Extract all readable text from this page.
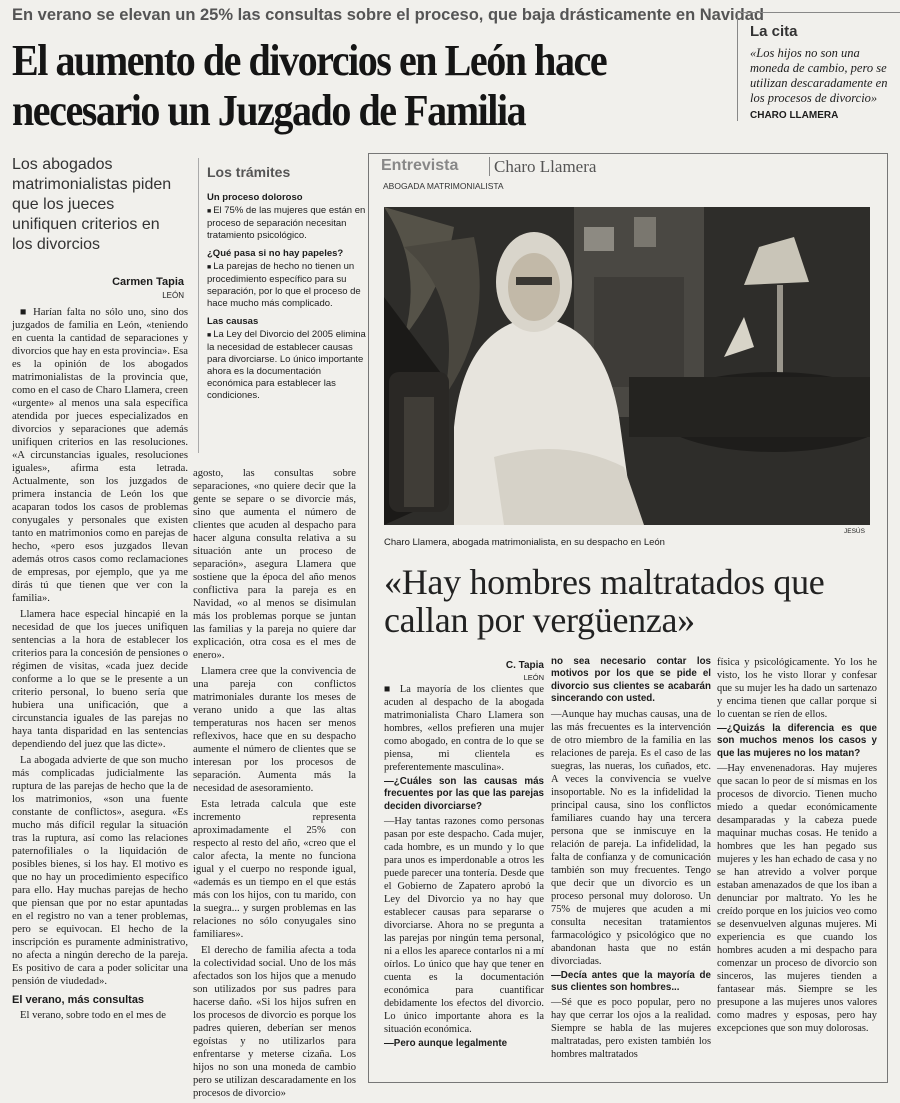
En verano se elevan un 25% las consultas sobre el proceso, que baja drásticamente en Navidad
El aumento de divorcios en León hace necesario un Juzgado de Familia
La cita
«Los hijos no son una moneda de cambio, pero se utilizan descaradamente en los procesos de divorcio»
CHARO LLAMERA
Los abogados matrimonialistas piden que los jueces unifiquen criterios en los divorcios
Carmen Tapia
LEÓN

■ Harían falta no sólo uno, sino dos juzgados de familia en León, «teniendo en cuenta la cantidad de separaciones y divorcios que hay en esta provincia». Esa es la opinión de los abogados matrimonialistas de la provincia que, como en el caso de Charo Llamera, creen «urgente» al menos una sala específica atendida por jueces especializados en divorcios y separaciones que además unifiquen criterios en las resoluciones. «A circunstancias iguales, resoluciones iguales», afirma esta letrada. Actualmente, son los juzgados de primera instancia de León los que acaparan todos los casos de problemas conyugales y personales que existen tanto en matrimonios como en parejas de hecho, «pero esos juzgados llevan además otros casos como reclamaciones de empresas, por ejemplo, que ya me dirás tú que tienen que ver con la familia».

Llamera hace especial hincapié en la necesidad de que los jueces unifiquen sentencias a la hora de establecer los criterios para la concesión de pensiones o régimen de visitas, «cada juez decide conforme a lo que se le presente a un criterio personal, lo bueno sería que hubiera una unificación, que a circunstancia iguales de las parejas no haya tanta disparidad en las sentencias dependiendo del juez que las dicte».

La abogada advierte de que son mucho más complicadas judicialmente las ruptura de las parejas de hecho que la de los matrimonios, «son una fuente constante de conflictos», asegura. «Es mucho más difícil regular la situación tras la ruptura, así como las relaciones paternofiliales o la liquidación de posibles bienes, si los hay. El motivo es que no hay un procedimiento específico para ello. Hay muchas parejas de hecho que piensan que por no estar apuntadas en el registro no van a tener problemas, pero se equivocan. El hecho de la inscripción es puramente administrativo, no afecta a ningún derecho de la pareja. Es positivo de cara a poder solicitar una pensión de viudedad».

El verano, más consultas

El verano, sobre todo en el mes de

Los trámites
Un proceso doloroso

■ El 75% de las mujeres que están en proceso de separación necesitan tratamiento psicológico.

¿Qué pasa si no hay papeles?

■ La parejas de hecho no tienen un procedimiento específico para su separación, por lo que el proceso de hace mucho más complicado.

Las causas

■ La Ley del Divorcio del 2005 elimina la necesidad de establecer causas para divorciarse. Lo único importante ahora es la documentación económica para establecer las condiciones.

agosto, las consultas sobre separaciones, «no quiere decir que la gente se separe o se divorcie más, sino que aumenta el número de clientes que acuden al despacho para hacer alguna consulta relativa a su situación ante un proceso de separación», asegura Llamera que sostiene que la época del año menos conflictiva para la pareja es en Navidad, «o al menos se disimulan más los problemas porque se juntan las familias y la pareja no quiere dar explicación, otra cosa es el mes de enero».

Llamera cree que la convivencia de una pareja con conflictos matrimoniales durante los meses de verano unido a que las altas temperaturas nos hacen ser menos reflexivos, hace que en su despacho aumente el número de clientes que se interesan por los procesos de separación. Aumenta más la necesidad de asesoramiento.

Esta letrada calcula que este incremento representa aproximadamente el 25% con respecto al resto del año, «creo que el calor afecta, la mente no funciona igual y el cuerpo no responde igual, «además es un tiempo en el que estás más con los hijos, con tu marido, con la suegra... y surgen problemas en las relaciones no sólo conyugales sino familiares».

El derecho de familia afecta a toda la colectividad social. Uno de los más afectados son los hijos que a menudo son utilizados por sus padres para hacerse daño. «Si los hijos sufren en los procesos de divorcio es porque los padres quieren, deberían ser menos egoístas y no utilizarlos para enfrentarse y meterse cizaña. Los hijos no son una moneda de cambio pero se utilizan descaradamente en los procesos de divorcio»

Entrevista Charo Llamera
ABOGADA MATRIMONIALISTA
JESÚS
Charo Llamera, abogada matrimonialista, en su despacho en León
«Hay hombres maltratados que callan por vergüenza»
C. Tapia
LEÓN

■ La mayoría de los clientes que acuden al despacho de la abogada matrimonialista Charo Llamera son hombres, «ellos prefieren una mujer como abogado, en contra de lo que se piensa, mi clientela es preferentemente masculina».

—¿Cuáles son las causas más frecuentes por las que las parejas deciden divorciarse?

—Hay tantas razones como personas pasan por este despacho. Cada mujer, cada hombre, es un mundo y lo que para unos es imperdonable a otros les puede parecer una tontería. Desde que el Gobierno de Zapatero aprobó la Ley del Divorcio ya no hay que establecer causas para separarse o divorciarse. Ahora no se pregunta a las parejas por ningún tema personal, ni a ellos les aparece contarlos ni a mí oírlos. Lo único que hay que tener en cuenta es la documentación económica para cuantificar debidamente los efectos del divorcio. Lo único importante ahora es la situación económica.

—Pero aunque legalmente

no sea necesario contar los motivos por los que se pide el divorcio sus clientes se acabarán sincerando con usted.

—Aunque hay muchas causas, una de las más frecuentes es la intervención de otro miembro de la familia en las relaciones de pareja. Es el caso de las suegras, las nueras, los cuñados, etc. A veces la convivencia se vuelve insoportable. No es la infidelidad la principal causa, sino los conflictos familiares cuando hay una tercera persona que se inmiscuye en la relación de pareja. La infidelidad, la falta de confianza y de comunicación también son muy frecuentes. Tengo que decir que un divorcio es un proceso personal muy doloroso. Un 75% de mujeres que acuden a mi consulta necesitan tratamientos farmacológico y psicológico que no abandonan hasta que no están divorciadas.

—Decía antes que la mayoría de sus clientes son hombres...

—Sé que es poco popular, pero no hay que cerrar los ojos a la realidad. Siempre se habla de las mujeres maltratadas, pero existen también los hombres maltratados

física y psicológicamente. Yo los he visto, los he visto llorar y confesar que su mujer les ha dado un sartenazo y encima tienen que callar porque si lo cuentan se ríen de ellos.

—¿Quizás la diferencia es que son muchos menos los casos y que las mujeres no los matan?

—Hay envenenadoras. Hay mujeres que sacan lo peor de sí mismas en los procesos de divorcio. Tienen mucho miedo a quedar económicamente desamparadas y la cabeza puede maquinar muchas cosas. He tenido a hombres que les han pegado sus mujeres y les han echado de casa y no se han atrevido a volver porque estaban amenazados de que los iban a denunciar por maltrato. Yo les he creído porque en los juicios veo como se desenvuelven algunas mujeres. Mi experiencia es que cuando los hombres acuden a mi despacho para comenzar un proceso de divorcio son sinceros, las mujeres tienden a fantasear más. Siempre se les presupone a las mujeres unos valores como madres y esposas, pero hay excepciones que son muy dolorosas.
